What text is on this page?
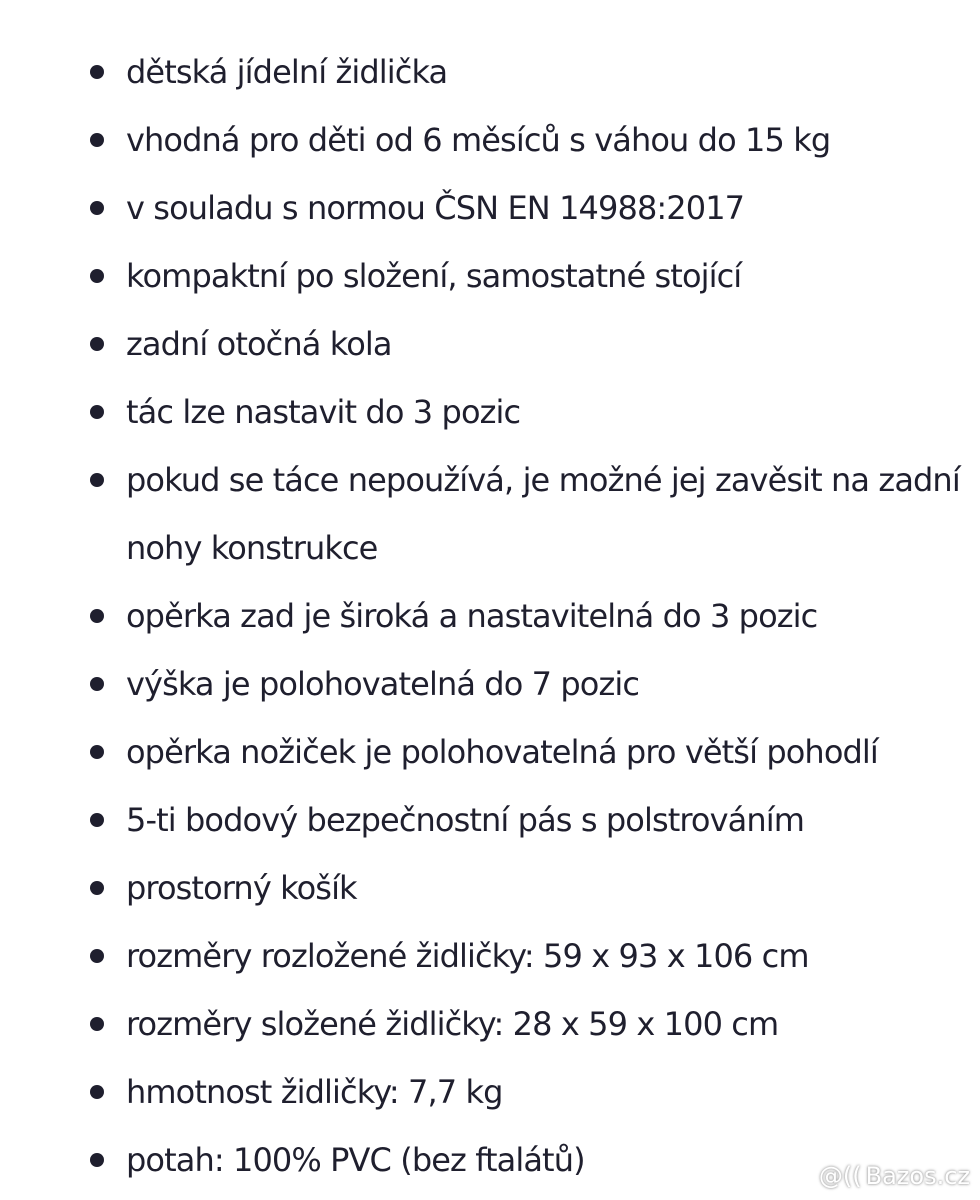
dětská jídelní židlička
vhodná pro děti od 6 měsíců s váhou do 15 kg
v souladu s normou ČSN EN 14988:2017
kompaktní po složení, samostatné stojící
zadní otočná kola
tác lze nastavit do 3 pozic
pokud se táce nepoužívá, je možné jej zavěsit na zadní nohy konstrukce
opěrka zad je široká a nastavitelná do 3 pozic
výška je polohovatelná do 7 pozic
opěrka nožiček je polohovatelná pro větší pohodlí
5-ti bodový bezpečnostní pás s polstrováním
prostorný košík
rozměry rozložené židličky: 59 x 93 x 106 cm
rozměry složené židličky: 28 x 59 x 100 cm
hmotnost židličky: 7,7 kg
potah: 100% PVC (bez ftalátů)	@(( Bazos.cz
